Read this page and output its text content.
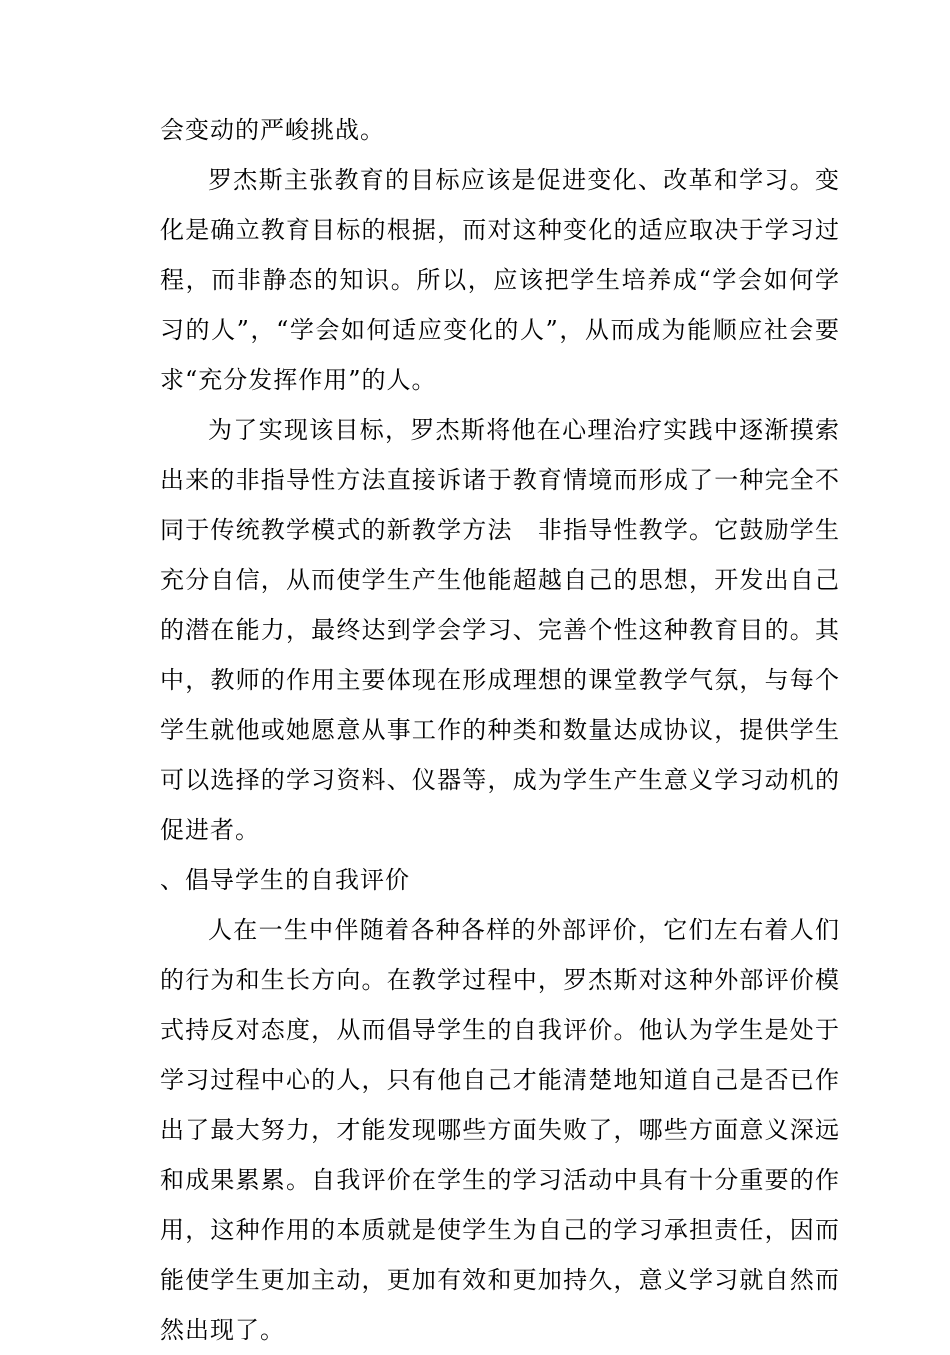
会变动的严峻挑战。

罗杰斯主张教育的目标应该是促进变化、改革和学习。变化是确立教育目标的根据，而对这种变化的适应取决于学习过程，而非静态的知识。所以，应该把学生培养成“学会如何学习的人”，“学会如何适应变化的人”，从而成为能顺应社会要求“充分发挥作用”的人。

为了实现该目标，罗杰斯将他在心理治疗实践中逐渐摸索出来的非指导性方法直接诉诸于教育情境而形成了一种完全不同于传统教学模式的新教学方法　非指导性教学。它鼓励学生充分自信，从而使学生产生他能超越自己的思想，开发出自己的潜在能力，最终达到学会学习、完善个性这种教育目的。其中，教师的作用主要体现在形成理想的课堂教学气氛，与每个学生就他或她愿意从事工作的种类和数量达成协议，提供学生可以选择的学习资料、仪器等，成为学生产生意义学习动机的促进者。

、倡导学生的自我评价

人在一生中伴随着各种各样的外部评价，它们左右着人们的行为和生长方向。在教学过程中，罗杰斯对这种外部评价模式持反对态度，从而倡导学生的自我评价。他认为学生是处于学习过程中心的人，只有他自己才能清楚地知道自己是否已作出了最大努力，才能发现哪些方面失败了，哪些方面意义深远和成果累累。自我评价在学生的学习活动中具有十分重要的作用，这种作用的本质就是使学生为自己的学习承担责任，因而能使学生更加主动，更加有效和更加持久，意义学习就自然而然出现了。
